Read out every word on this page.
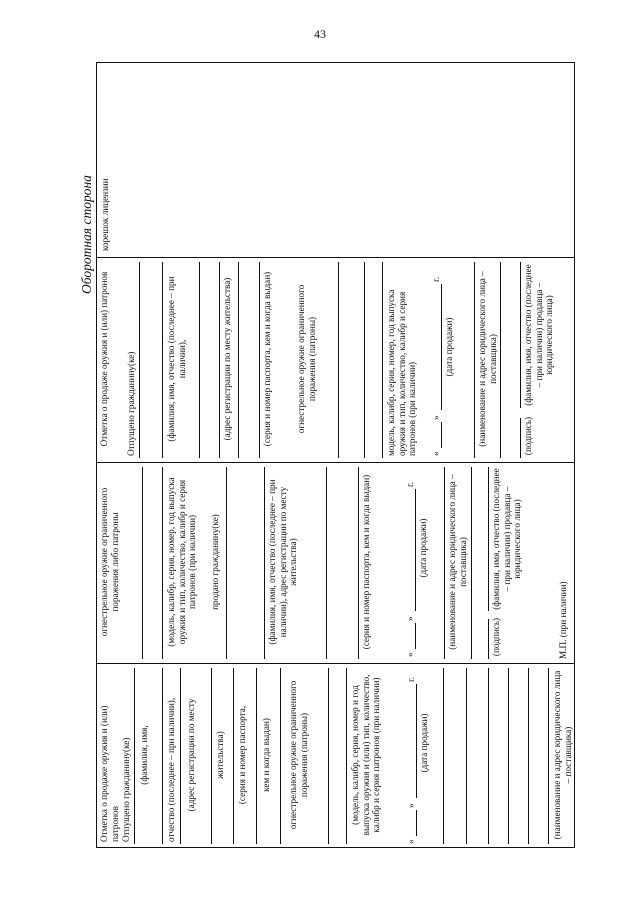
43
Оборотная сторона корешок лицензии
Отметка о продаже оружия и (или) патронов Отпущено гражданину(ке)	(фамилия, имя, отчество (последнее – при наличии),	(адрес регистрации по месту жительства)	(серия и номер паспорта, кем и когда выдан)	огнестрельное оружие ограниченного поражения (патроны)	модель, калибр, серия, номер, год выпуска оружия и тип, количество, калибр и серия патронов (при наличии) «
»
г.
(дата продажи)	(наименование и адрес юридического лица – поставщика)
(подпись)
(фамилия, имя, отчество (последнее – при наличии) продавца – юридического лица)
огнестрельное оружие ограниченного поражения либо патроны	(модель, калибр, серия, номер, год выпуска оружия и тип, количество, калибр и серия патронов (при наличии) продано гражданину(ке)	(фамилия, имя, отчество (последнее – при наличии), адрес регистрации по месту жительства)	(серия и номер паспорта, кем и когда выдан)
«
»
г.
(дата продажи) (наименование и адрес юридического лица – поставщика)
(подпись)
(фамилия, имя, отчество (последнее – при наличии) продавца – юридического лица)
М.П. (при наличии)
Отметка о продаже оружия и (или) патронов Отпущено гражданину(ке) (фамилия, имя, отчество (последнее – при наличии), (адрес регистрации по месту жительства) (серия и номер паспорта, кем и когда выдан) огнестрельное оружие ограниченного поражения (патроны)	(модель, калибр, серия, номер и год выпуска оружия и (или) тип, количество, калибр и серия патронов (при наличии)
«
»
г.
(дата продажи)	(наименование и адрес юридического лица – поставщика)
